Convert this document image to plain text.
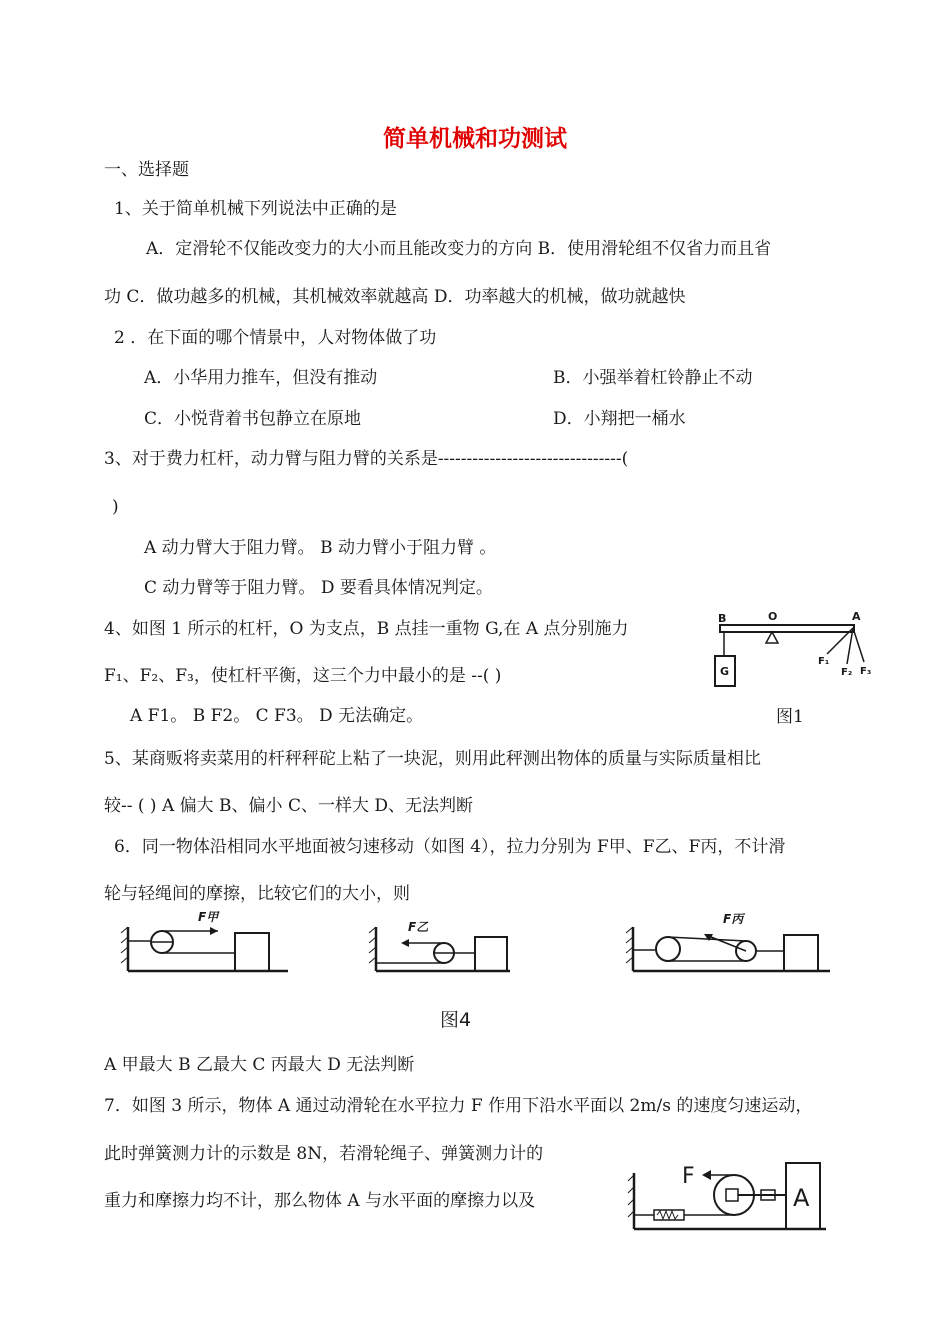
简单机械和功测试
一、选择题
1、关于简单机械下列说法中正确的是
A．定滑轮不仅能改变力的大小而且能改变力的方向 B．使用滑轮组不仅省力而且省
功 C．做功越多的机械，其机械效率就越高 D．功率越大的机械，做功就越快
2 ．在下面的哪个情景中，人对物体做了功
A．小华用力推车，但没有推动	B．小强举着杠铃静止不动
C．小悦背着书包静立在原地	D．小翔把一桶水
3、对于费力杠杆，动力臂与阻力臂的关系是--------------------------------(
)
A 动力臂大于阻力臂。 B 动力臂小于阻力臂 。
C 动力臂等于阻力臂。 D 要看具体情况判定。
4、如图 1 所示的杠杆，O 为支点，B 点挂一重物 G,在 A 点分别施力
F₁、F₂、F₃，使杠杆平衡，这三个力中最小的是 --( )
A F1。 B F2。 C F3。 D 无法确定。
B	O	A
G
F₁
F₂ F₃
图1
5、某商贩将卖菜用的杆秤秤砣上粘了一块泥，则用此秤测出物体的质量与实际质量相比
较-- ( ) A 偏大 B、偏小 C、一样大 D、无法判断
6．同一物体沿相同水平地面被匀速移动（如图 4），拉力分别为 F甲、F乙、F丙，不计滑
轮与轻绳间的摩擦，比较它们的大小，则
F甲
F乙
F丙
图4
A 甲最大 B 乙最大 C 丙最大 D 无法判断
7．如图 3 所示，物体 A 通过动滑轮在水平拉力 F 作用下沿水平面以 2m/s 的速度匀速运动，
此时弹簧测力计的示数是 8N，若滑轮绳子、弹簧测力计的
重力和摩擦力均不计，那么物体 A 与水平面的摩擦力以及
F
A
